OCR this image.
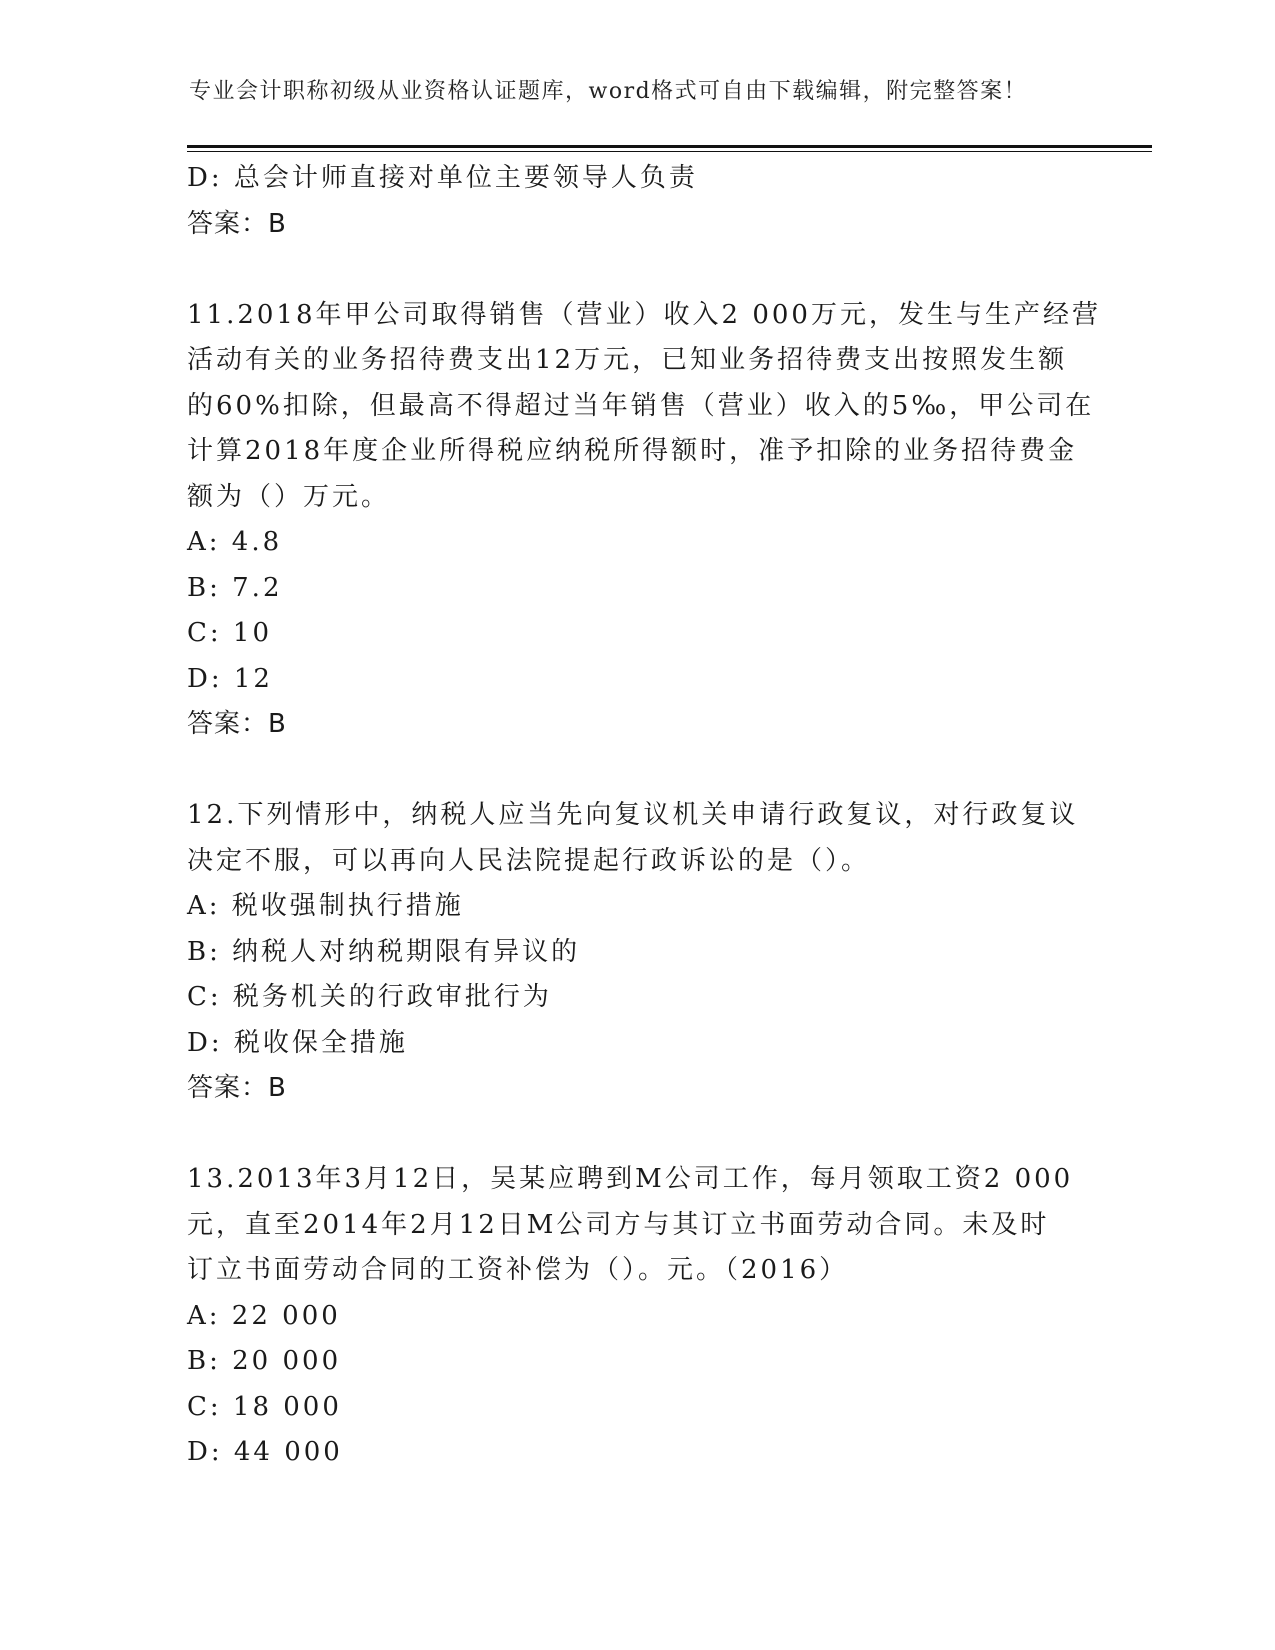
专业会计职称初级从业资格认证题库，word格式可自由下载编辑，附完整答案！
D: 总会计师直接对单位主要领导人负责
答案：B
11.2018年甲公司取得销售（营业）收入2 000万元，发生与生产经营
活动有关的业务招待费支出12万元，已知业务招待费支出按照发生额
的60%扣除，但最高不得超过当年销售（营业）收入的5‰，甲公司在
计算2018年度企业所得税应纳税所得额时，准予扣除的业务招待费金
额为（）万元。
A: 4.8
B: 7.2
C: 10
D: 12
答案：B
12.下列情形中，纳税人应当先向复议机关申请行政复议，对行政复议
决定不服，可以再向人民法院提起行政诉讼的是（）。
A: 税收强制执行措施
B: 纳税人对纳税期限有异议的
C: 税务机关的行政审批行为
D: 税收保全措施
答案：B
13.2013年3月12日，吴某应聘到M公司工作，每月领取工资2 000
元，直至2014年2月12日M公司方与其订立书面劳动合同。未及时
订立书面劳动合同的工资补偿为（）。元。（2016）
A: 22 000
B: 20 000
C: 18 000
D: 44 000
